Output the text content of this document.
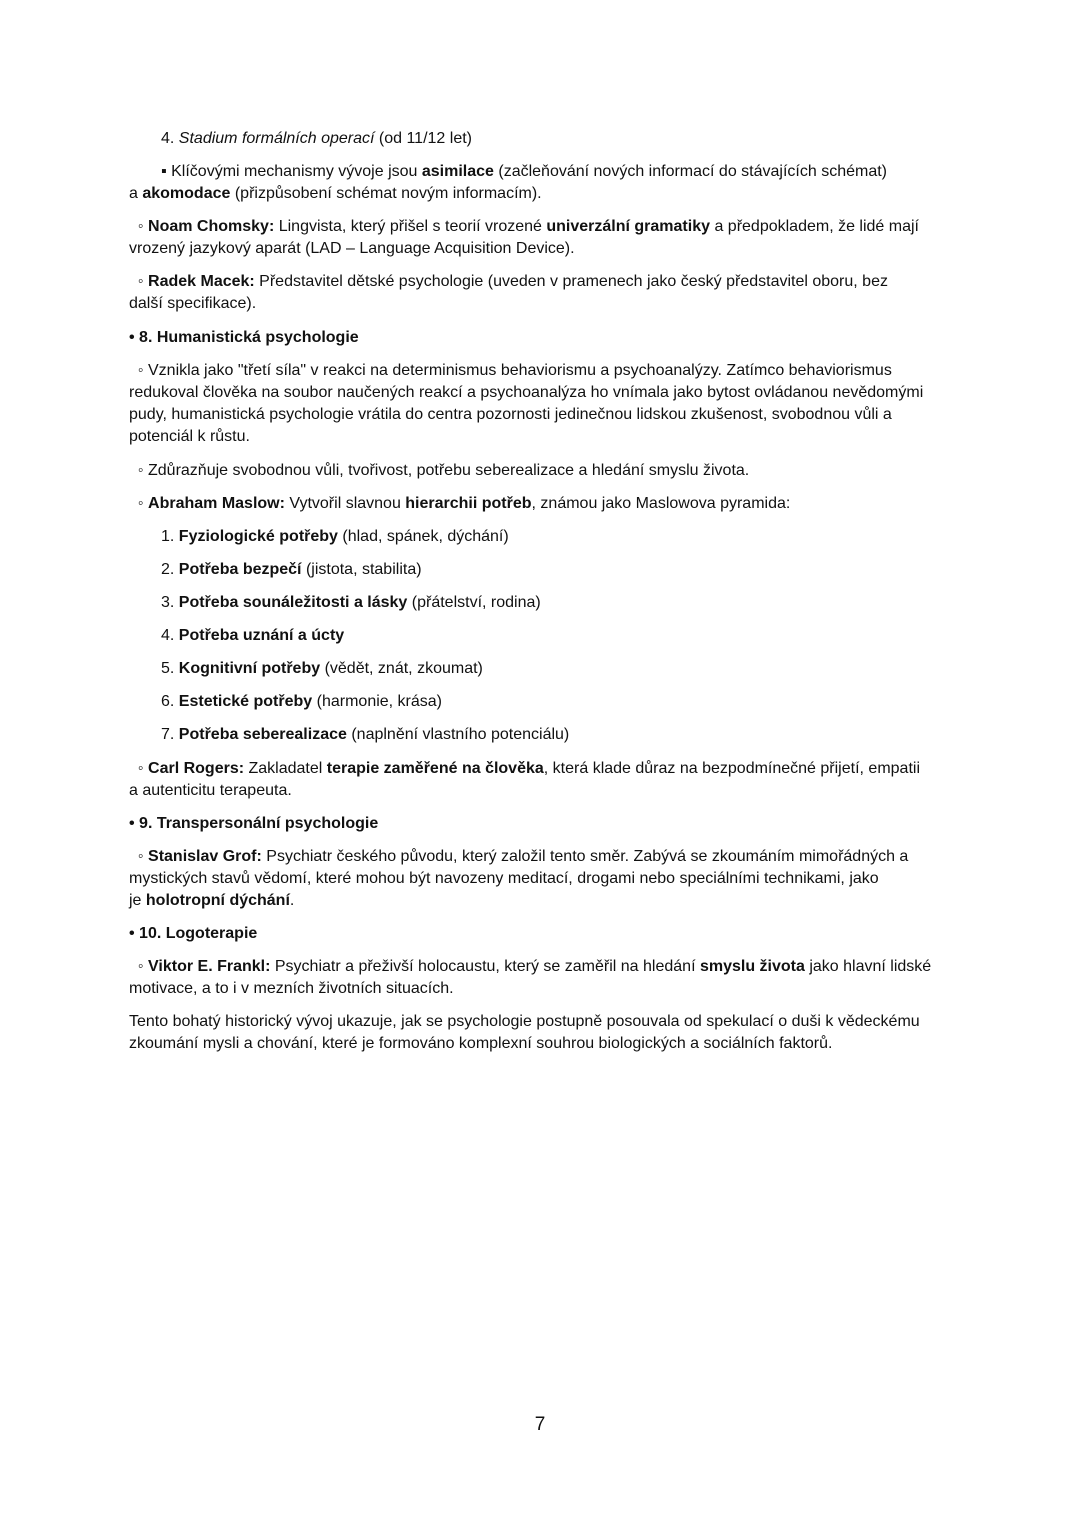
4. Stadium formálních operací (od 11/12 let)
▪ Klíčovými mechanismy vývoje jsou asimilace (začleňování nových informací do stávajících schémat)
a akomodace (přizpůsobení schémat novým informacím).
◦ Noam Chomsky: Lingvista, který přišel s teorií vrozené univerzální gramatiky a předpokladem, že lidé mají
vrozený jazykový aparát (LAD – Language Acquisition Device).
◦ Radek Macek: Představitel dětské psychologie (uveden v pramenech jako český představitel oboru, bez
další specifikace).
• 8. Humanistická psychologie
◦ Vznikla jako "třetí síla" v reakci na determinismus behaviorismu a psychoanalýzy. Zatímco behaviorismus
redukoval člověka na soubor naučených reakcí a psychoanalýza ho vnímala jako bytost ovládanou nevědomými
pudy, humanistická psychologie vrátila do centra pozornosti jedinečnou lidskou zkušenost, svobodnou vůli a
potenciál k růstu.
◦ Zdůrazňuje svobodnou vůli, tvořivost, potřebu seberealizace a hledání smyslu života.
◦ Abraham Maslow: Vytvořil slavnou hierarchii potřeb, známou jako Maslowova pyramida:
1. Fyziologické potřeby (hlad, spánek, dýchání)
2. Potřeba bezpečí (jistota, stabilita)
3. Potřeba sounáležitosti a lásky (přátelství, rodina)
4. Potřeba uznání a úcty
5. Kognitivní potřeby (vědět, znát, zkoumat)
6. Estetické potřeby (harmonie, krása)
7. Potřeba seberealizace (naplnění vlastního potenciálu)
◦ Carl Rogers: Zakladatel terapie zaměřené na člověka, která klade důraz na bezpodmínečné přijetí, empatii
a autenticitu terapeuta.
• 9. Transpersonální psychologie
◦ Stanislav Grof: Psychiatr českého původu, který založil tento směr. Zabývá se zkoumáním mimořádných a
mystických stavů vědomí, které mohou být navozeny meditací, drogami nebo speciálními technikami, jako
je holotropní dýchání.
• 10. Logoterapie
◦ Viktor E. Frankl: Psychiatr a přeživší holocaustu, který se zaměřil na hledání smyslu života jako hlavní lidské
motivace, a to i v mezních životních situacích.
Tento bohatý historický vývoj ukazuje, jak se psychologie postupně posouvala od spekulací o duši k vědeckému
zkoumání mysli a chování, které je formováno komplexní souhrou biologických a sociálních faktorů.
7
